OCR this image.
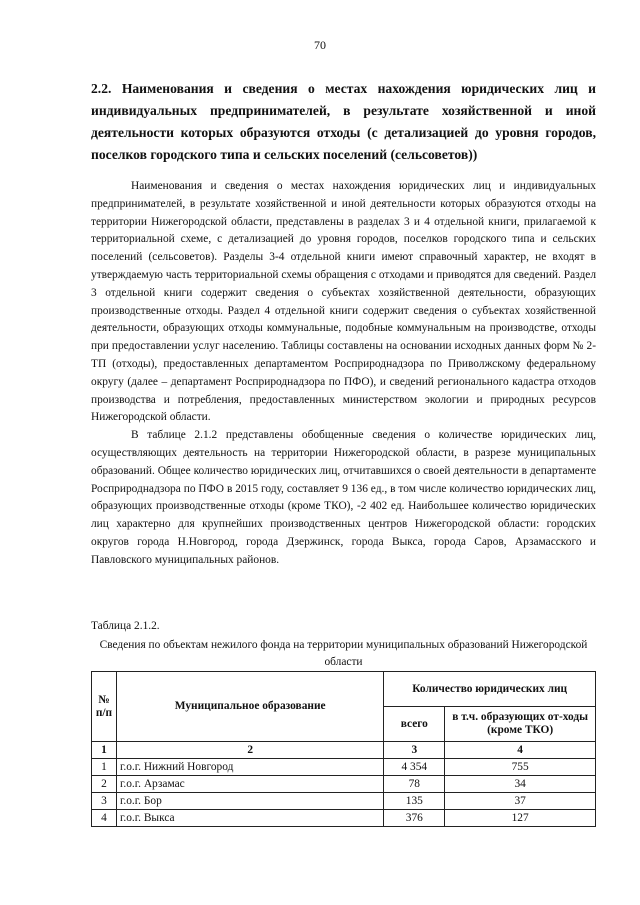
70
2.2. Наименования и сведения о местах нахождения юридических лиц и индивидуальных предпринимателей, в результате хозяйственной и иной деятельности которых образуются отходы (с детализацией до уровня городов, поселков городского типа и сельских поселений (сельсоветов))

Наименования и сведения о местах нахождения юридических лиц и индивидуальных предпринимателей, в результате хозяйственной и иной деятельности которых образуются отходы на территории Нижегородской области, представлены в разделах 3 и 4 отдельной книги, прилагаемой к территориальной схеме, с детализацией до уровня городов, поселков городского типа и сельских поселений (сельсоветов). Разделы 3-4 отдельной книги имеют справочный характер, не входят в утверждаемую часть территориальной схемы обращения с отходами и приводятся для сведений. Раздел 3 отдельной книги содержит сведения о субъектах хозяйственной деятельности, образующих производственные отходы. Раздел 4 отдельной книги содержит сведения о субъектах хозяйственной деятельности, образующих отходы коммунальные, подобные коммунальным на производстве, отходы при предоставлении услуг населению. Таблицы составлены на основании исходных данных форм № 2-ТП (отходы), предоставленных департаментом Росприроднадзора по Приволжскому федеральному округу (далее – департамент Росприроднадзора по ПФО), и сведений регионального кадастра отходов производства и потребления, предоставленных министерством экологии и природных ресурсов Нижегородской области.

В таблице 2.1.2 представлены обобщенные сведения о количестве юридических лиц, осуществляющих деятельность на территории Нижегородской области, в разрезе муниципальных образований. Общее количество юридических лиц, отчитавшихся о своей деятельности в департаменте Росприроднадзора по ПФО в 2015 году, составляет 9 136 ед., в том числе количество юридических лиц, образующих производственные отходы (кроме ТКО), -2 402 ед. Наибольшее количество юридических лиц характерно для крупнейших производственных центров Нижегородской области: городских округов города Н.Новгород, города Дзержинск, города Выкса, города Саров, Арзамасского и Павловского муниципальных районов.

Таблица 2.1.2.
Сведения по объектам нежилого фонда на территории муниципальных образований Нижегородской области
№ п/п	Муниципальное образование	Количество юридических лиц	
		всего	в т.ч. образующих от-ходы (кроме ТКО)
1	2	3	4
1	г.о.г. Нижний Новгород	4 354	755
2	г.о.г. Арзамас	78	34
3	г.о.г. Бор	135	37
4	г.о.г. Выкса	376	127
